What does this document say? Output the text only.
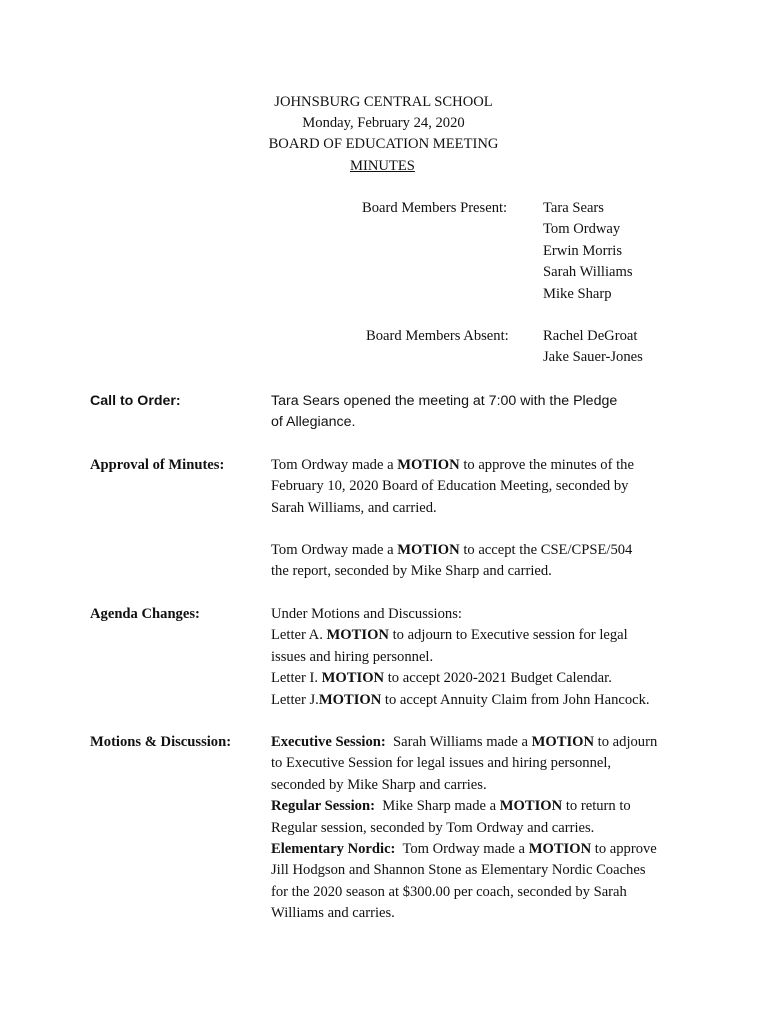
JOHNSBURG CENTRAL SCHOOL
Monday, February 24, 2020
BOARD OF EDUCATION MEETING
MINUTES
Board Members Present: Tara Sears
Tom Ordway
Erwin Morris
Sarah Williams
Mike Sharp
Board Members Absent: Rachel DeGroat
Jake Sauer-Jones
Call to Order:	Tara Sears opened the meeting at 7:00 with the Pledge
of Allegiance.
Approval of Minutes:	Tom Ordway made a MOTION to approve the minutes of the
February 10, 2020 Board of Education Meeting, seconded by
Sarah Williams, and carried.
Tom Ordway made a MOTION to accept the CSE/CPSE/504
the report, seconded by Mike Sharp and carried.
Agenda Changes:	Under Motions and Discussions:
Letter A. MOTION to adjourn to Executive session for legal
issues and hiring personnel.
Letter I. MOTION to accept 2020-2021 Budget Calendar.
Letter J.MOTION to accept Annuity Claim from John Hancock.
Motions & Discussion:	Executive Session:  Sarah Williams made a MOTION to adjourn
to Executive Session for legal issues and hiring personnel,
seconded by Mike Sharp and carries.
Regular Session:  Mike Sharp made a MOTION to return to
Regular session, seconded by Tom Ordway and carries.
Elementary Nordic:  Tom Ordway made a MOTION to approve
Jill Hodgson and Shannon Stone as Elementary Nordic Coaches
for the 2020 season at $300.00 per coach, seconded by Sarah
Williams and carries.
